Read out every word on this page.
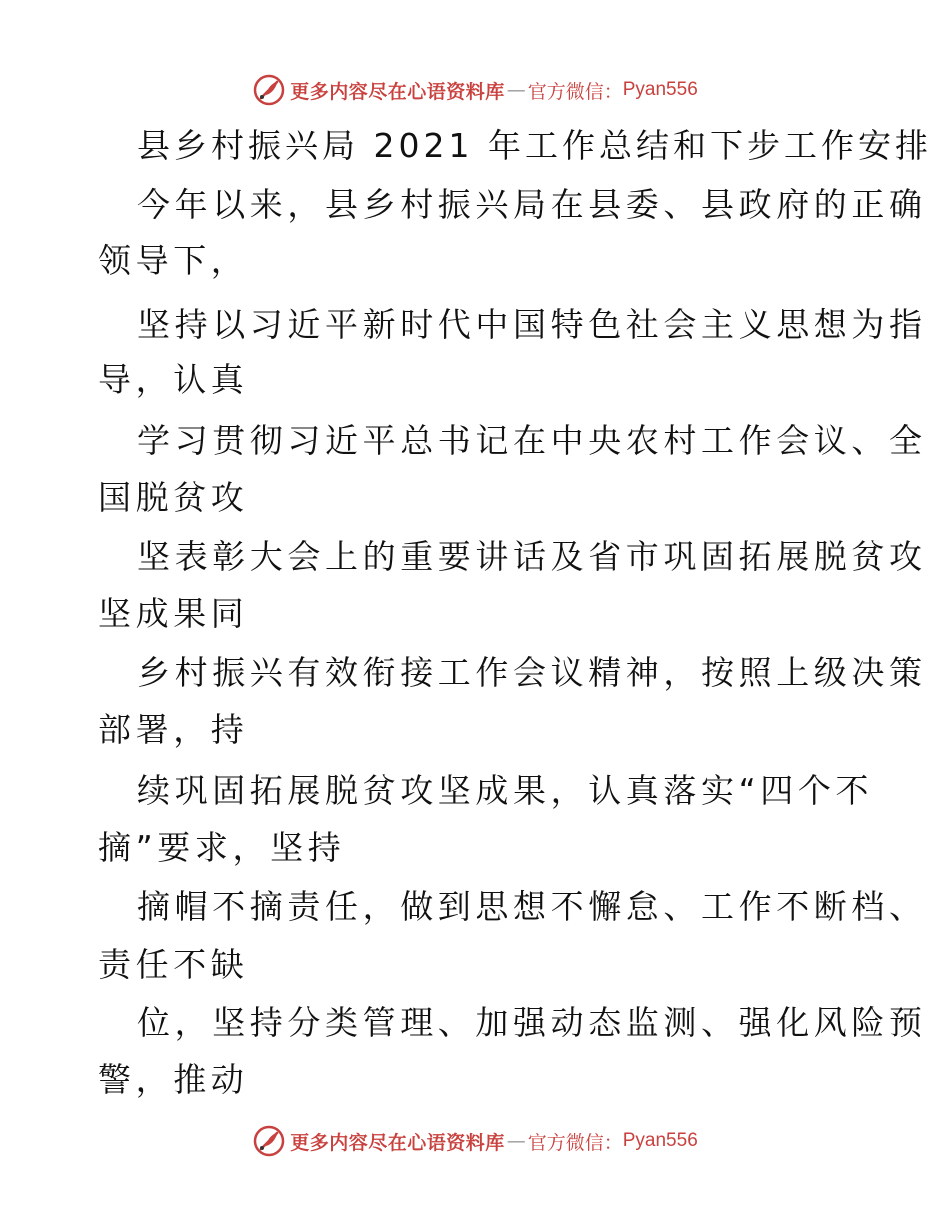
更多内容尽在心语资料库 — 官方微信： Pyan556
县乡村振兴局 2021 年工作总结和下步工作安排
今年以来，县乡村振兴局在县委、县政府的正确
领导下，
坚持以习近平新时代中国特色社会主义思想为指
导，认真
学习贯彻习近平总书记在中央农村工作会议、全
国脱贫攻
坚表彰大会上的重要讲话及省市巩固拓展脱贫攻
坚成果同
乡村振兴有效衔接工作会议精神，按照上级决策
部署，持
续巩固拓展脱贫攻坚成果，认真落实“四个不
摘”要求，坚持
摘帽不摘责任，做到思想不懈怠、工作不断档、
责任不缺
位，坚持分类管理、加强动态监测、强化风险预
警，推动
更多内容尽在心语资料库 — 官方微信： Pyan556
